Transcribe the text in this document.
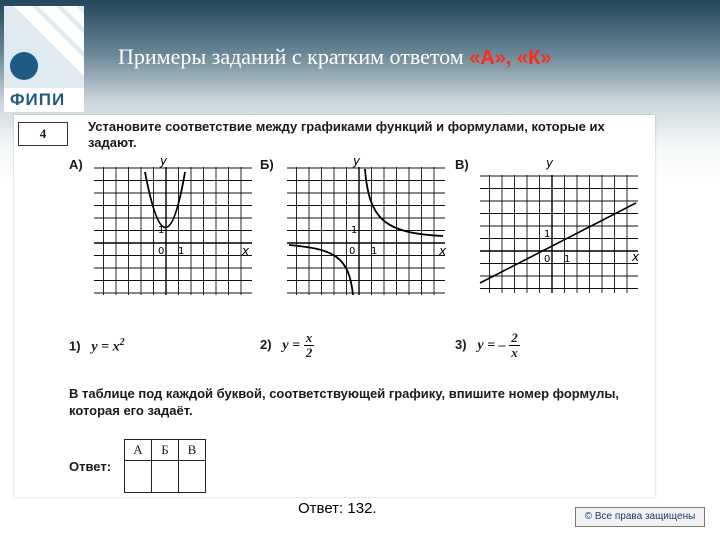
ФИПИ
Примеры заданий с кратким ответом «А», «К»
4	Установите соответствие между графиками функций и формулами, которые их задают.
А)
x
y
0 1
1
Б)
x
y
0 1
1
В)
x
y
0 1
1
1) $y = x^2$	2) $y = \frac{x}{2}$	3) y = – $\frac{2}{x}$
В таблице под каждой буквой, соответствующей графику, впишите номер формулы, которая его задаёт.
Ответ:
А	Б	В

Ответ: 132.	© Все права защищены
